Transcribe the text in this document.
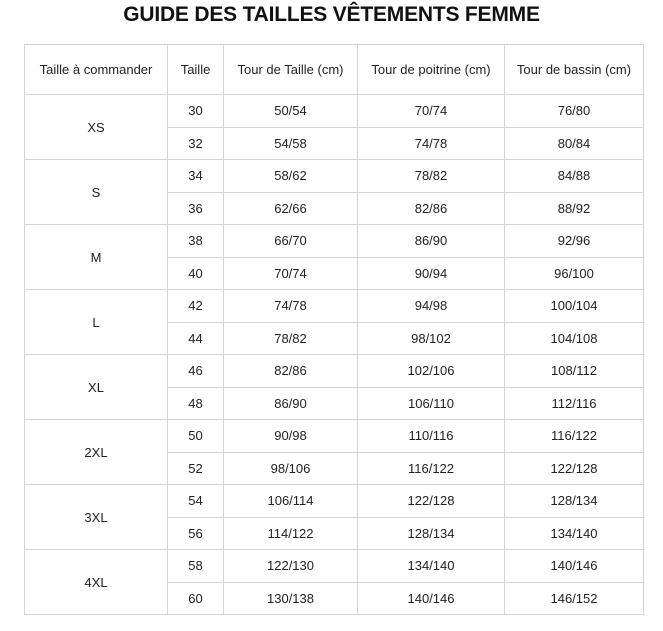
GUIDE DES TAILLES VÊTEMENTS FEMME
Taille à commander	Taille	Tour de Taille (cm)	Tour de poitrine (cm)	Tour de bassin (cm)
XS	30	50/54	70/74	76/80
	32	54/58	74/78	80/84
S	34	58/62	78/82	84/88
	36	62/66	82/86	88/92
M	38	66/70	86/90	92/96
	40	70/74	90/94	96/100
L	42	74/78	94/98	100/104
	44	78/82	98/102	104/108
XL	46	82/86	102/106	108/112
	48	86/90	106/110	112/116
2XL	50	90/98	110/116	116/122
	52	98/106	116/122	122/128
3XL	54	106/114	122/128	128/134
	56	114/122	128/134	134/140
4XL	58	122/130	134/140	140/146
	60	130/138	140/146	146/152
